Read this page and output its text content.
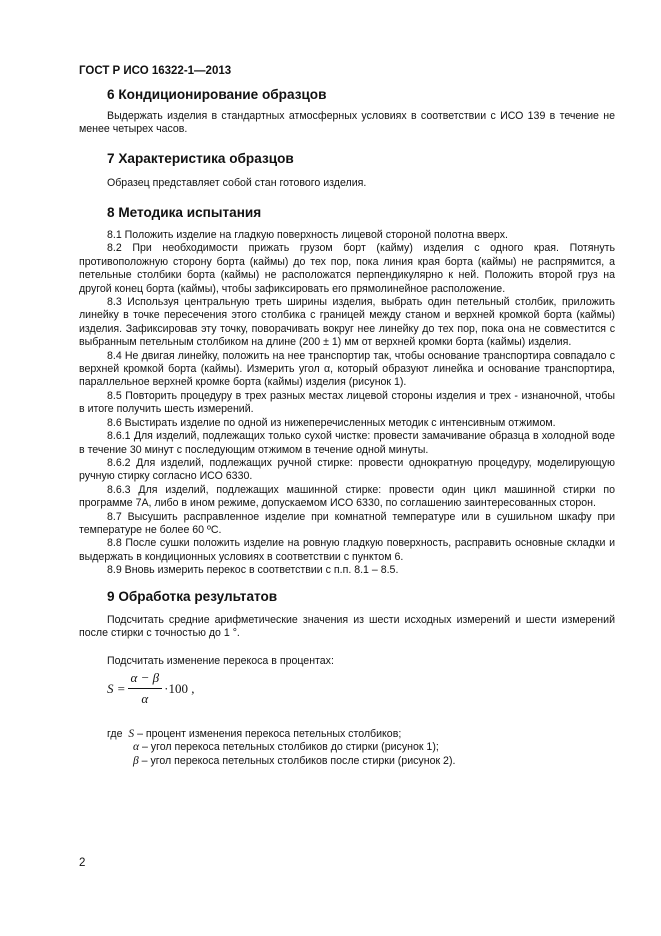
ГОСТ Р ИСО 16322-1—2013
6 Кондиционирование образцов

Выдержать изделия в стандартных атмосферных условиях в соответствии с ИСО 139 в течение не менее четырех часов.

7 Характеристика образцов

Образец представляет собой стан готового изделия.

8 Методика испытания

8.1 Положить изделие на гладкую поверхность лицевой стороной полотна вверх.

8.2 При необходимости прижать грузом борт (кайму) изделия с одного края. Потянуть противоположную сторону борта (каймы) до тех пор, пока линия края борта (каймы) не распрямится, а петельные столбики борта (каймы) не расположатся перпендикулярно к ней. Положить второй груз на другой конец борта (каймы), чтобы зафиксировать его прямолинейное расположение.

8.3 Используя центральную треть ширины изделия, выбрать один петельный столбик, приложить линейку в точке пересечения этого столбика с границей между станом и верхней кромкой борта (каймы) изделия. Зафиксировав эту точку, поворачивать вокруг нее линейку до тех пор, пока она не совместится с выбранным петельным столбиком на длине (200 ± 1) мм от верхней кромки борта (каймы) изделия.

8.4 Не двигая линейку, положить на нее транспортир так, чтобы основание транспортира совпадало с верхней кромкой борта (каймы). Измерить угол α, который образуют линейка и основание транспортира, параллельное верхней кромке борта (каймы) изделия (рисунок 1).

8.5 Повторить процедуру в трех разных местах лицевой стороны изделия и трех - изнаночной, чтобы в итоге получить шесть измерений.

8.6 Выстирать изделие по одной из нижеперечисленных методик с интенсивным отжимом.

8.6.1 Для изделий, подлежащих только сухой чистке: провести замачивание образца в холодной воде в течение 30 минут с последующим отжимом в течение одной минуты.

8.6.2 Для изделий, подлежащих ручной стирке: провести однократную процедуру, моделирующую ручную стирку согласно ИСО 6330.

8.6.3 Для изделий, подлежащих машинной стирке: провести один цикл машинной стирки по программе 7А, либо в ином режиме, допускаемом ИСО 6330, по соглашению заинтересованных сторон.

8.7 Высушить расправленное изделие при комнатной температуре или в сушильном шкафу при температуре не более 60 ºС.

8.8 После сушки положить изделие на ровную гладкую поверхность, расправить основные складки и выдержать в кондиционных условиях в соответствии с пунктом 6.

8.9 Вновь измерить перекос в соответствии с п.п. 8.1 – 8.5.

9 Обработка результатов

Подсчитать средние арифметические значения из шести исходных измерений и шести измерений после стирки с точностью до 1 °.

Подсчитать изменение перекоса в процентах:

$S = \frac{\alpha - \beta}{\alpha} \cdot 100$ ,
где S – процент изменения перекоса петельных столбиков;
α – угол перекоса петельных столбиков до стирки (рисунок 1);
β – угол перекоса петельных столбиков после стирки (рисунок 2).
2
